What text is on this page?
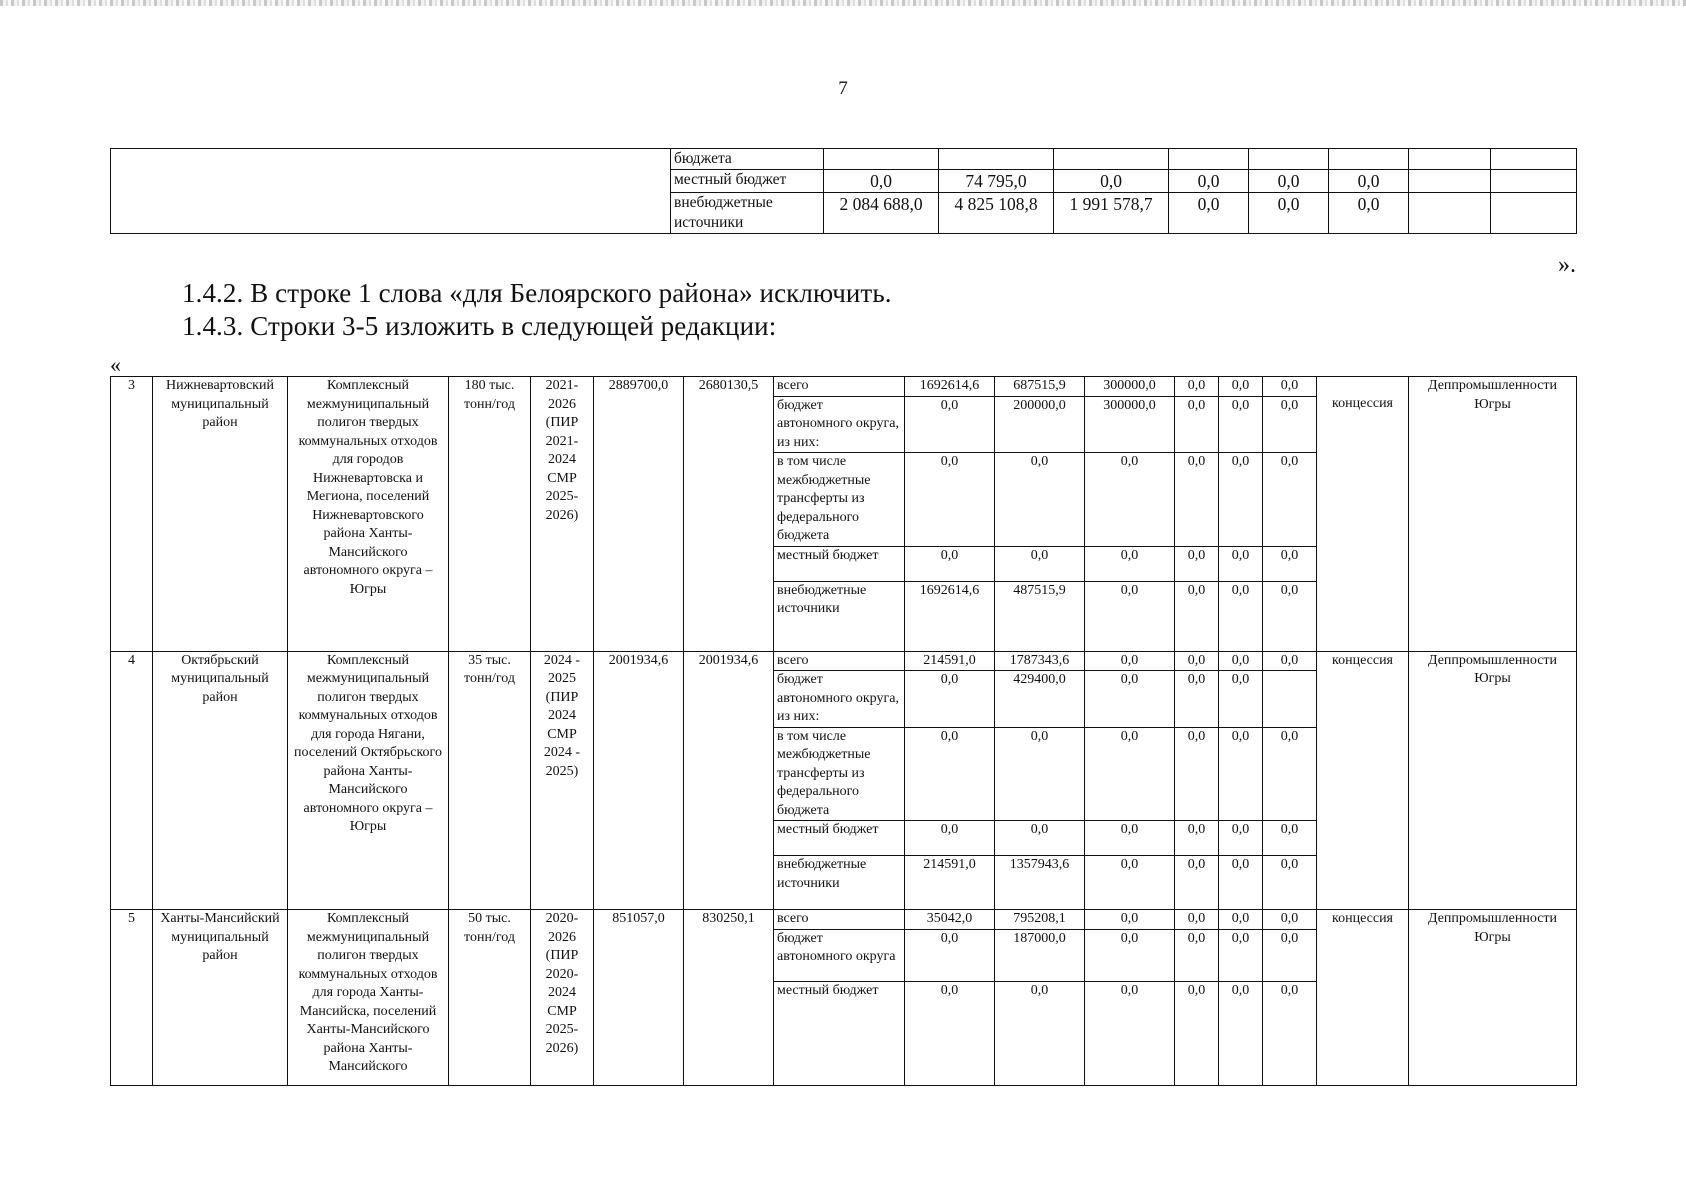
7
	бюджета								
	местный бюджет	0,0	74 795,0	0,0	0,0	0,0	0,0		
	внебюджетные источники	2 084 688,0	4 825 108,8	1 991 578,7	0,0	0,0	0,0		
».
1.4.2. В строке 1 слова «для Белоярского района» исключить.
1.4.3. Строки 3-5 изложить в следующей редакции:
«
3	Нижневартовский муниципальный район	Комплексный межмуниципальный полигон твердых коммунальных отходов для городов Нижневартовска и Мегиона, поселений Нижневартовского района Ханты-Мансийского автономного округа – Югры	180 тыс. тонн/год	2021-2026 (ПИР 2021-2024 СМР 2025-2026)	2889700,0	2680130,5	всего	1692614,6	687515,9	300000,0	0,0	0,0	0,0	концессия	Деппромышленности Югры
							бюджет автономного округа, из них:	0,0	200000,0	300000,0	0,0	0,0	0,0		
							в том числе межбюджетные трансферты из федерального бюджета	0,0	0,0	0,0	0,0	0,0	0,0		
							местный бюджет	0,0	0,0	0,0	0,0	0,0	0,0		
							внебюджетные источники	1692614,6	487515,9	0,0	0,0	0,0	0,0		
4	Октябрьский муниципальный район	Комплексный межмуниципальный полигон твердых коммунальных отходов для города Нягани, поселений Октябрьского района Ханты-Мансийского автономного округа – Югры	35 тыс. тонн/год	2024 - 2025 (ПИР 2024 СМР 2024 - 2025)	2001934,6	2001934,6	всего	214591,0	1787343,6	0,0	0,0	0,0	0,0	концессия	Деппромышленности Югры
							бюджет автономного округа, из них:	0,0	429400,0	0,0	0,0	0,0			
							в том числе межбюджетные трансферты из федерального бюджета	0,0	0,0	0,0	0,0	0,0	0,0		
							местный бюджет	0,0	0,0	0,0	0,0	0,0	0,0		
							внебюджетные источники	214591,0	1357943,6	0,0	0,0	0,0	0,0		
5	Ханты-Мансийский муниципальный район	Комплексный межмуниципальный полигон твердых коммунальных отходов для города Ханты-Мансийска, поселений Ханты-Мансийского района Ханты-Мансийского	50 тыс. тонн/год	2020-2026 (ПИР 2020-2024 СМР 2025-2026)	851057,0	830250,1	всего	35042,0	795208,1	0,0	0,0	0,0	0,0	концессия	Деппромышленности Югры
							бюджет автономного округа	0,0	187000,0	0,0	0,0	0,0	0,0		
							местный бюджет	0,0	0,0	0,0	0,0	0,0	0,0		
